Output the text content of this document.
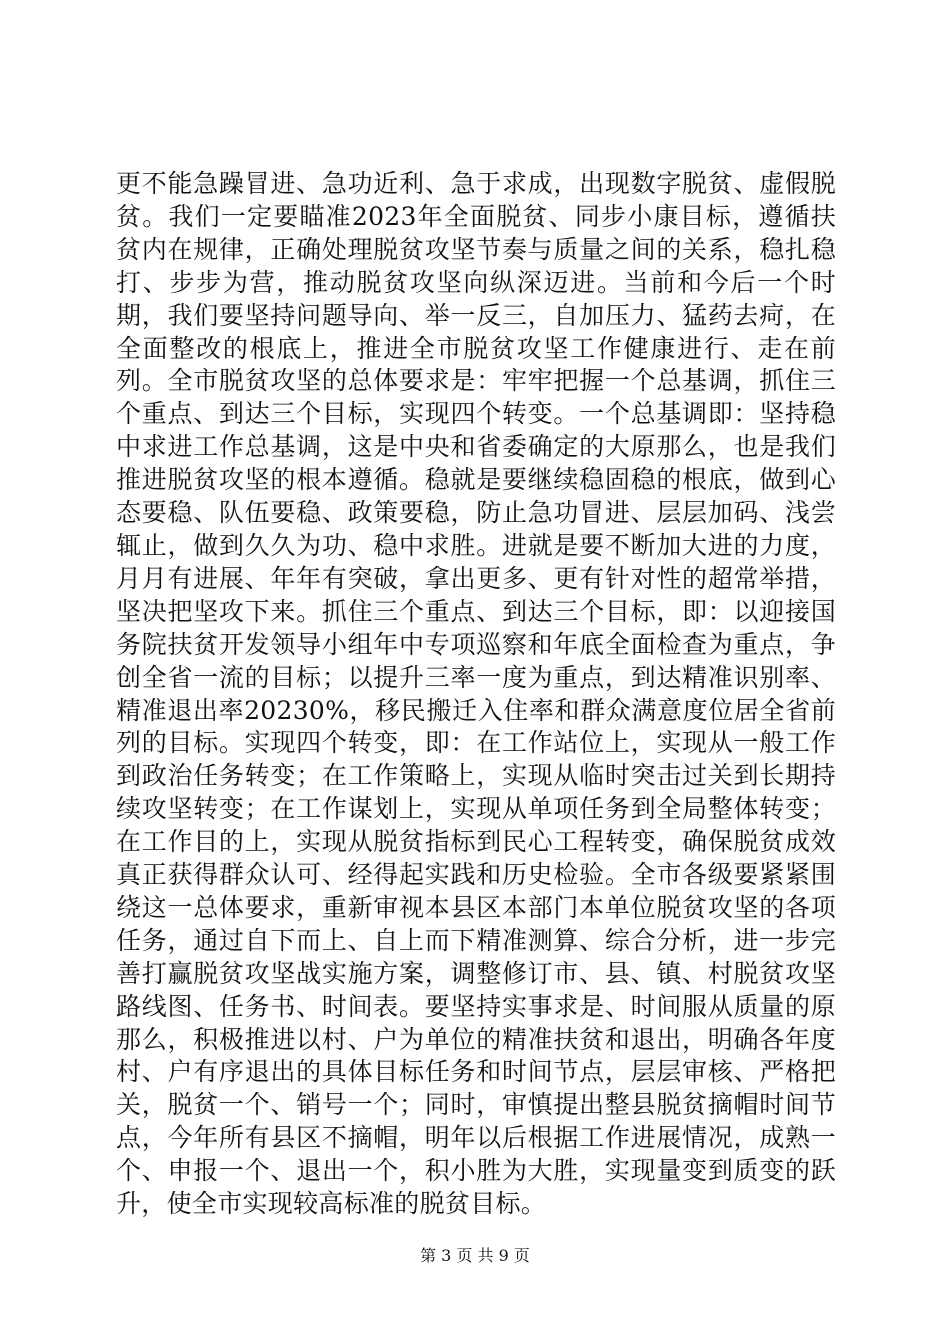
更不能急躁冒进、急功近利、急于求成，出现数字脱贫、虚假脱贫。我们一定要瞄准2023年全面脱贫、同步小康目标，遵循扶贫内在规律，正确处理脱贫攻坚节奏与质量之间的关系，稳扎稳打、步步为营，推动脱贫攻坚向纵深迈进。当前和今后一个时期，我们要坚持问题导向、举一反三，自加压力、猛药去疴，在全面整改的根底上，推进全市脱贫攻坚工作健康进行、走在前列。全市脱贫攻坚的总体要求是：牢牢把握一个总基调，抓住三个重点、到达三个目标，实现四个转变。一个总基调即：坚持稳中求进工作总基调，这是中央和省委确定的大原那么，也是我们推进脱贫攻坚的根本遵循。稳就是要继续稳固稳的根底，做到心态要稳、队伍要稳、政策要稳，防止急功冒进、层层加码、浅尝辄止，做到久久为功、稳中求胜。进就是要不断加大进的力度，月月有进展、年年有突破，拿出更多、更有针对性的超常举措，坚决把坚攻下来。抓住三个重点、到达三个目标，即：以迎接国务院扶贫开发领导小组年中专项巡察和年底全面检查为重点，争创全省一流的目标；以提升三率一度为重点，到达精准识别率、精准退出率20230%，移民搬迁入住率和群众满意度位居全省前列的目标。实现四个转变，即：在工作站位上，实现从一般工作到政治任务转变；在工作策略上，实现从临时突击过关到长期持续攻坚转变；在工作谋划上，实现从单项任务到全局整体转变；在工作目的上，实现从脱贫指标到民心工程转变，确保脱贫成效真正获得群众认可、经得起实践和历史检验。全市各级要紧紧围绕这一总体要求，重新审视本县区本部门本单位脱贫攻坚的各项任务，通过自下而上、自上而下精准测算、综合分析，进一步完善打赢脱贫攻坚战实施方案，调整修订市、县、镇、村脱贫攻坚路线图、任务书、时间表。要坚持实事求是、时间服从质量的原那么，积极推进以村、户为单位的精准扶贫和退出，明确各年度村、户有序退出的具体目标任务和时间节点，层层审核、严格把关，脱贫一个、销号一个；同时，审慎提出整县脱贫摘帽时间节点，今年所有县区不摘帽，明年以后根据工作进展情况，成熟一个、申报一个、退出一个，积小胜为大胜，实现量变到质变的跃升，使全市实现较高标准的脱贫目标。

第 3 页 共 9 页
